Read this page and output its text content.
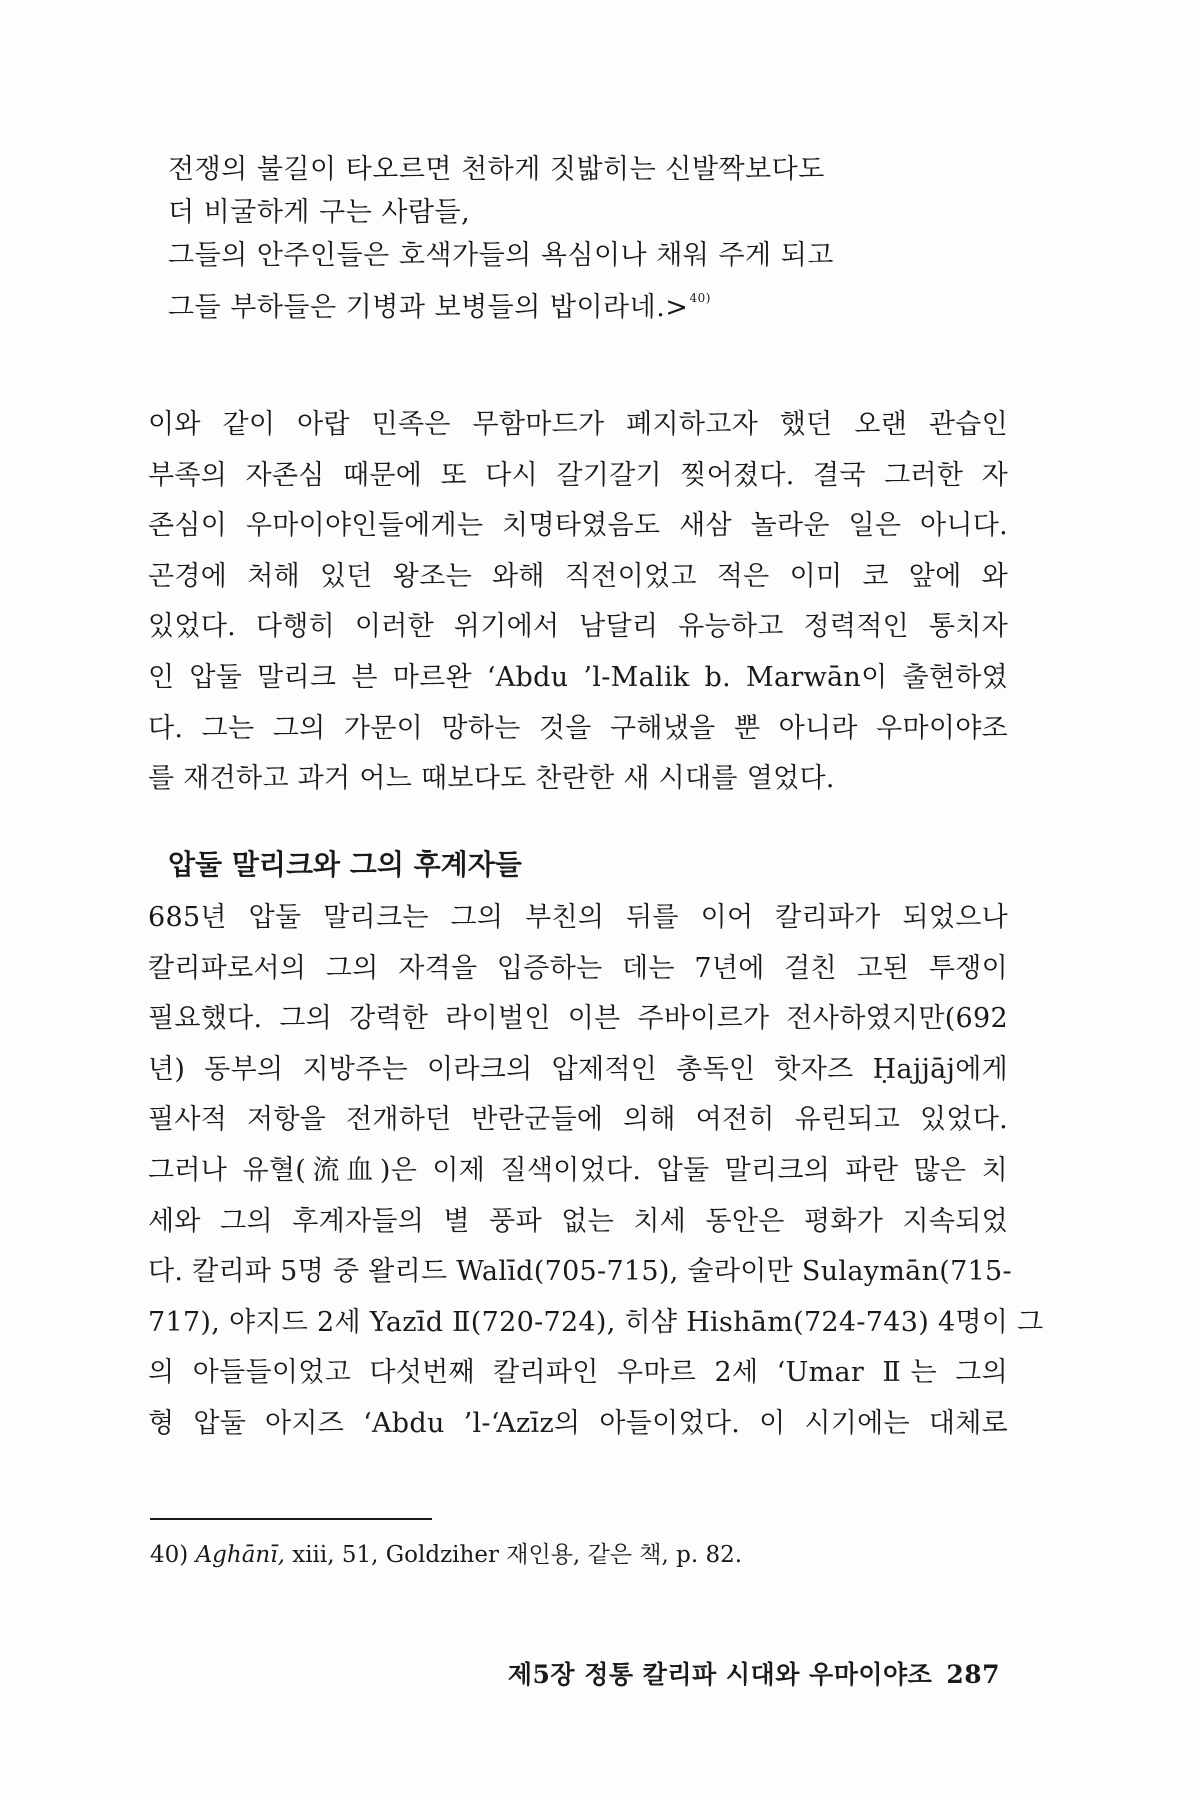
전쟁의 불길이 타오르면 천하게 짓밟히는 신발짝보다도
더 비굴하게 구는 사람들,
그들의 안주인들은 호색가들의 욕심이나 채워 주게 되고
그들 부하들은 기병과 보병들의 밥이라네.>$^{40)}$
이와 같이 아랍 민족은 무함마드가 폐지하고자 했던 오랜 관습인
부족의 자존심 때문에 또 다시 갈기갈기 찢어졌다. 결국 그러한 자
존심이 우마이야인들에게는 치명타였음도 새삼 놀라운 일은 아니다.
곤경에 처해 있던 왕조는 와해 직전이었고 적은 이미 코 앞에 와
있었다. 다행히 이러한 위기에서 남달리 유능하고 정력적인 통치자
인 압둘 말리크 븐 마르완 ‘Abdu ’l-Malik b. Marwān이 출현하였
다. 그는 그의 가문이 망하는 것을 구해냈을 뿐 아니라 우마이야조
를 재건하고 과거 어느 때보다도 찬란한 새 시대를 열었다.
압둘 말리크와 그의 후계자들
685년 압둘 말리크는 그의 부친의 뒤를 이어 칼리파가 되었으나
칼리파로서의 그의 자격을 입증하는 데는 7년에 걸친 고된 투쟁이
필요했다. 그의 강력한 라이벌인 이븐 주바이르가 전사하였지만(692
년) 동부의 지방주는 이라크의 압제적인 총독인 핫자즈 Ḥajjāj에게
필사적 저항을 전개하던 반란군들에 의해 여전히 유린되고 있었다.
그러나 유혈(流血)은 이제 질색이었다. 압둘 말리크의 파란 많은 치
세와 그의 후계자들의 별 풍파 없는 치세 동안은 평화가 지속되었
다. 칼리파 5명 중 왈리드 Walīd(705-715), 술라이만 Sulaymān(715-
717), 야지드 2세 Yazīd Ⅱ(720-724), 히샴 Hishām(724-743) 4명이 그
의 아들들이었고 다섯번째 칼리파인 우마르 2세 ‘Umar Ⅱ는 그의
형 압둘 아지즈 ‘Abdu ’l-‘Azīz의 아들이었다. 이 시기에는 대체로
40) Aghānī, xiii, 51, Goldziher 재인용, 같은 책, p. 82.
제5장 정통 칼리파 시대와 우마이야조 287
